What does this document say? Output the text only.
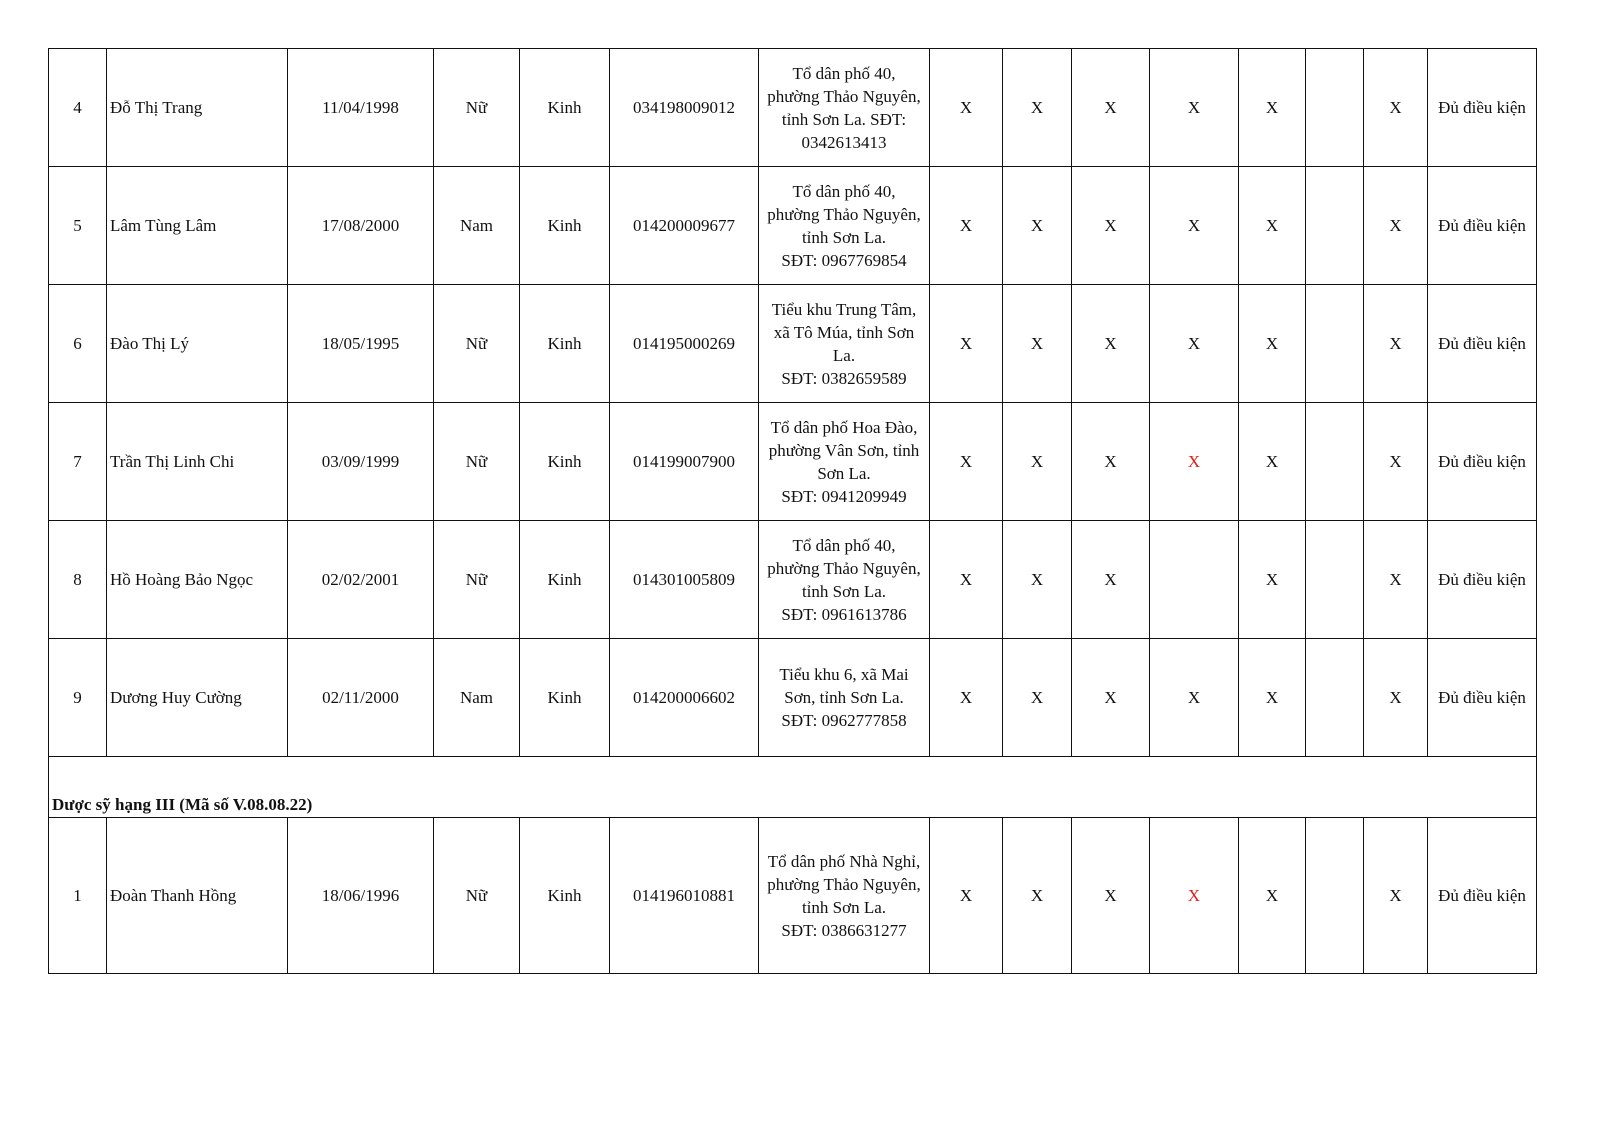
4	Đỗ Thị Trang	11/04/1998	Nữ	Kinh	034198009012	Tổ dân phố 40,
phường Thảo Nguyên,
tỉnh Sơn La. SĐT:
0342613413	X	X	X	X	X		X	Đủ điều kiện
5	Lâm Tùng Lâm	17/08/2000	Nam	Kinh	014200009677	Tổ dân phố 40,
phường Thảo Nguyên,
tỉnh Sơn La.
SĐT: 0967769854	X	X	X	X	X		X	Đủ điều kiện
6	Đào Thị Lý	18/05/1995	Nữ	Kinh	014195000269	Tiểu khu Trung Tâm,
xã Tô Múa, tỉnh Sơn
La.
SĐT: 0382659589	X	X	X	X	X		X	Đủ điều kiện
7	Trần Thị Linh Chi	03/09/1999	Nữ	Kinh	014199007900	Tổ dân phố Hoa Đào,
phường Vân Sơn, tỉnh
Sơn La.
SĐT: 0941209949	X	X	X	X	X		X	Đủ điều kiện
8	Hồ Hoàng Bảo Ngọc	02/02/2001	Nữ	Kinh	014301005809	Tổ dân phố 40,
phường Thảo Nguyên,
tỉnh Sơn La.
SĐT: 0961613786	X	X	X		X		X	Đủ điều kiện
9	Dương Huy Cường	02/11/2000	Nam	Kinh	014200006602	Tiểu khu 6, xã Mai
Sơn, tỉnh Sơn La.
SĐT: 0962777858	X	X	X	X	X		X	Đủ điều kiện
Dược sỹ hạng III (Mã số V.08.08.22)														
1	Đoàn Thanh Hồng	18/06/1996	Nữ	Kinh	014196010881	Tổ dân phố Nhà Nghỉ,
phường Thảo Nguyên,
tỉnh Sơn La.
SĐT: 0386631277	X	X	X	X	X		X	Đủ điều kiện
